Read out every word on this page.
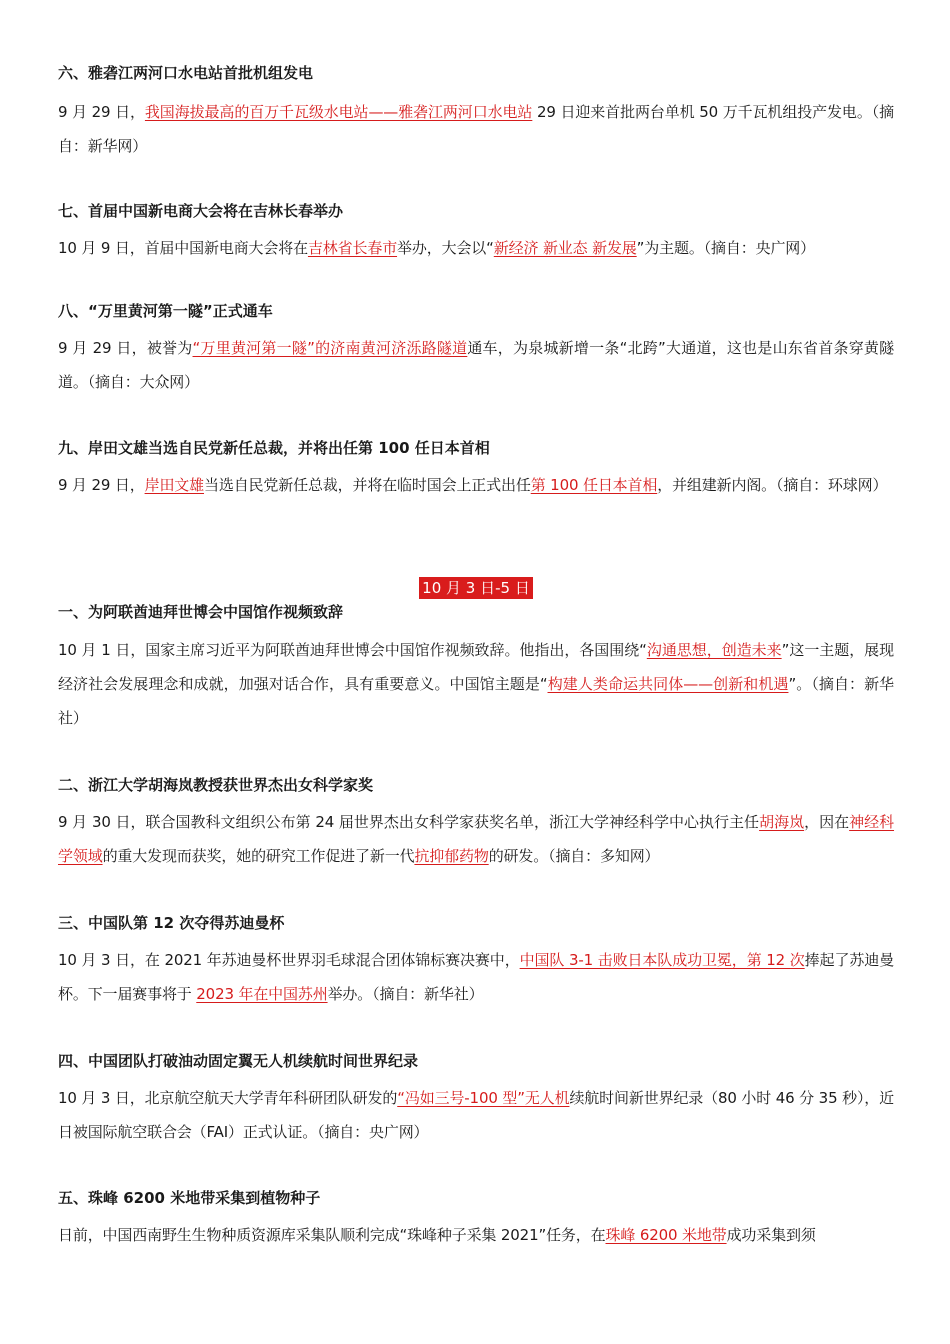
六、雅砻江两河口水电站首批机组发电

9 月 29 日，我国海拔最高的百万千瓦级水电站——雅砻江两河口水电站 29 日迎来首批两台单机 50 万千瓦机组投产发电。（摘自：新华网）

七、首届中国新电商大会将在吉林长春举办

10 月 9 日，首届中国新电商大会将在吉林省长春市举办，大会以“新经济 新业态 新发展”为主题。（摘自：央广网）

八、“万里黄河第一隧”正式通车

9 月 29 日，被誉为“万里黄河第一隧”的济南黄河济泺路隧道通车，为泉城新增一条“北跨”大通道，这也是山东省首条穿黄隧道。（摘自：大众网）

九、岸田文雄当选自民党新任总裁，并将出任第 100 任日本首相

9 月 29 日，岸田文雄当选自民党新任总裁，并将在临时国会上正式出任第 100 任日本首相，并组建新内阁。（摘自：环球网）

10 月 3 日-5 日

一、为阿联酋迪拜世博会中国馆作视频致辞

10 月 1 日，国家主席习近平为阿联酋迪拜世博会中国馆作视频致辞。他指出，各国围绕“沟通思想，创造未来”这一主题，展现经济社会发展理念和成就，加强对话合作，具有重要意义。中国馆主题是“构建人类命运共同体——创新和机遇”。（摘自：新华社）

二、浙江大学胡海岚教授获世界杰出女科学家奖

9 月 30 日，联合国教科文组织公布第 24 届世界杰出女科学家获奖名单，浙江大学神经科学中心执行主任胡海岚，因在神经科学领域的重大发现而获奖，她的研究工作促进了新一代抗抑郁药物的研发。（摘自：多知网）

三、中国队第 12 次夺得苏迪曼杯

10 月 3 日，在 2021 年苏迪曼杯世界羽毛球混合团体锦标赛决赛中，中国队 3-1 击败日本队成功卫冕，第 12 次捧起了苏迪曼杯。下一届赛事将于 2023 年在中国苏州举办。（摘自：新华社）

四、中国团队打破油动固定翼无人机续航时间世界纪录

10 月 3 日，北京航空航天大学青年科研团队研发的“冯如三号-100 型”无人机续航时间新世界纪录（80 小时 46 分 35 秒），近日被国际航空联合会（FAI）正式认证。（摘自：央广网）

五、珠峰 6200 米地带采集到植物种子

日前，中国西南野生生物种质资源库采集队顺利完成“珠峰种子采集 2021”任务，在珠峰 6200 米地带成功采集到须
